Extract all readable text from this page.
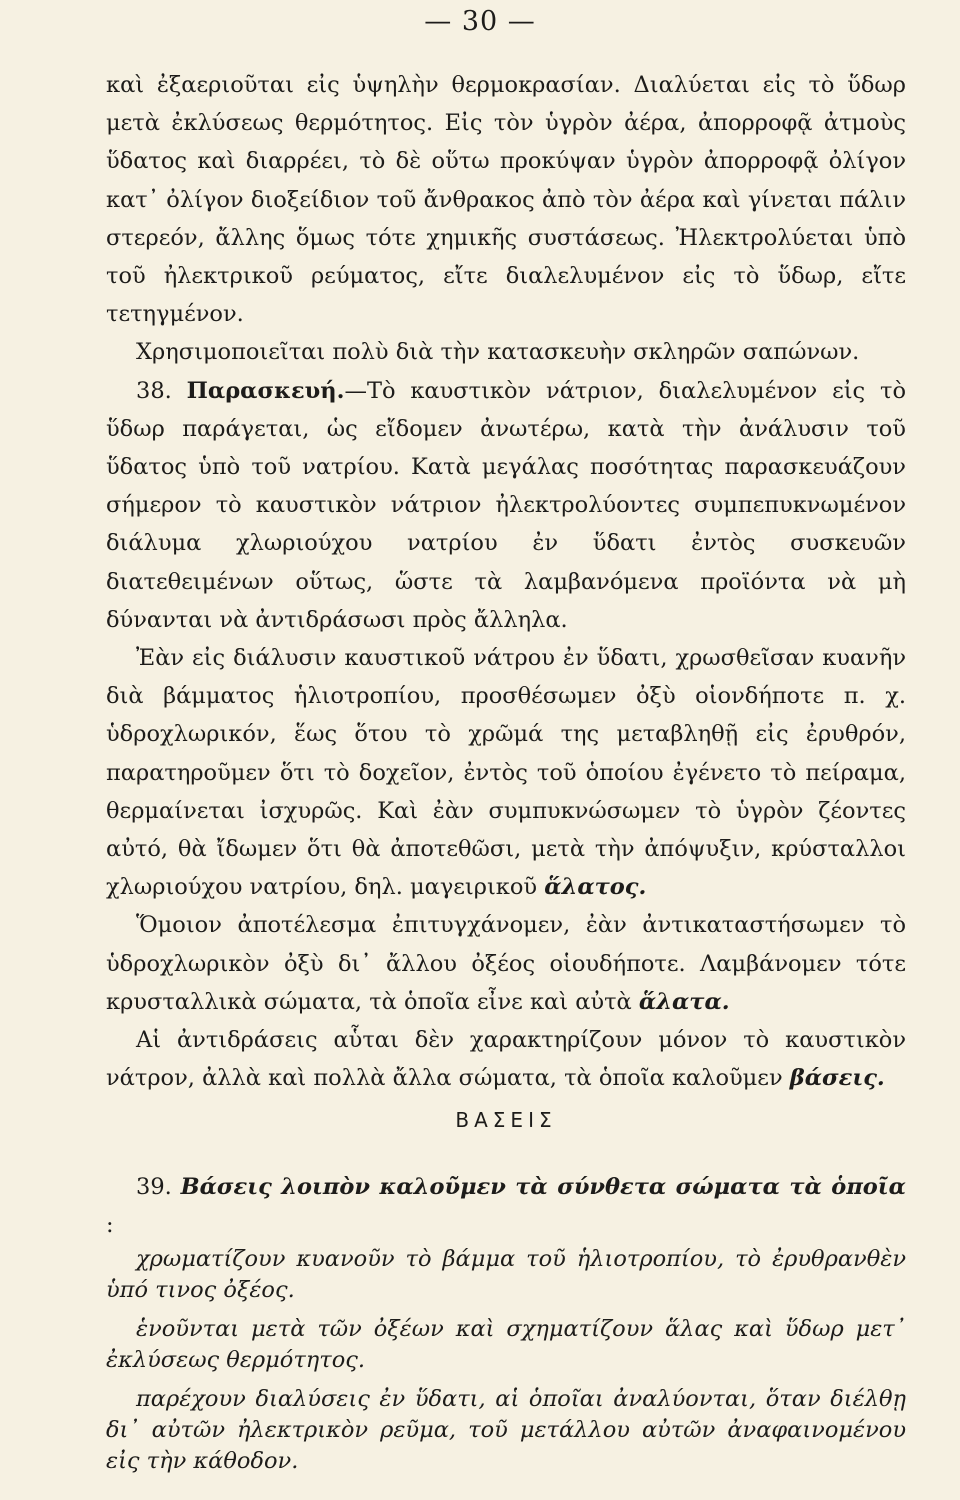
— 30 —

καὶ ἐξαεριοῦται εἰς ὑψηλὴν θερμοκρασίαν. Διαλύεται εἰς τὸ ὕδωρ μετὰ ἐκλύσεως θερμότητος. Εἰς τὸν ὑγρὸν ἀέρα, ἀπορροφᾷ ἀτμοὺς ὕδατος καὶ διαρρέει, τὸ δὲ οὕτω προκύψαν ὑγρὸν ἀπορροφᾷ ὀλίγον κατ᾽ ὀλίγον διοξείδιον τοῦ ἄνθρακος ἀπὸ τὸν ἀέρα καὶ γίνεται πάλιν στερεόν, ἄλλης ὅμως τότε χημικῆς συστάσεως. Ἠλεκτρολύεται ὑπὸ τοῦ ἠλεκτρικοῦ ρεύματος, εἴτε διαλελυμένον εἰς τὸ ὕδωρ, εἴτε τετηγμένον.

Χρησιμοποιεῖται πολὺ διὰ τὴν κατασκευὴν σκληρῶν σαπώνων.

38. Παρασκευή.—Τὸ καυστικὸν νάτριον, διαλελυμένον εἰς τὸ ὕδωρ παράγεται, ὡς εἴδομεν ἀνωτέρω, κατὰ τὴν ἀνάλυσιν τοῦ ὕδατος ὑπὸ τοῦ νατρίου. Κατὰ μεγάλας ποσότητας παρασκευάζουν σήμερον τὸ καυστικὸν νάτριον ἠλεκτρολύοντες συμπεπυκνωμένον διάλυμα χλωριούχου νατρίου ἐν ὕδατι ἐντὸς συσκευῶν διατεθειμένων οὕτως, ὥστε τὰ λαμβανόμενα προϊόντα νὰ μὴ δύνανται νὰ ἀντιδράσωσι πρὸς ἄλληλα.

Ἐὰν εἰς διάλυσιν καυστικοῦ νάτρου ἐν ὕδατι, χρωσθεῖσαν κυανῆν διὰ βάμματος ἡλιοτροπίου, προσθέσωμεν ὀξὺ οἱονδήποτε π. χ. ὑδροχλωρικόν, ἕως ὅτου τὸ χρῶμά της μεταβληθῇ εἰς ἐρυθρόν, παρατηροῦμεν ὅτι τὸ δοχεῖον, ἐντὸς τοῦ ὁποίου ἐγένετο τὸ πείραμα, θερμαίνεται ἰσχυρῶς. Καὶ ἐὰν συμπυκνώσωμεν τὸ ὑγρὸν ζέοντες αὐτό, θὰ ἴδωμεν ὅτι θὰ ἀποτεθῶσι, μετὰ τὴν ἀπόψυξιν, κρύσταλλοι χλωριούχου νατρίου, δηλ. μαγειρικοῦ ἅλατος.

Ὅμοιον ἀποτέλεσμα ἐπιτυγχάνομεν, ἐὰν ἀντικαταστήσωμεν τὸ ὑδροχλωρικὸν ὀξὺ δι᾽ ἄλλου ὀξέος οἱουδήποτε. Λαμβάνομεν τότε κρυσταλλικὰ σώματα, τὰ ὁποῖα εἶνε καὶ αὐτὰ ἅλατα.

Αἱ ἀντιδράσεις αὗται δὲν χαρακτηρίζουν μόνον τὸ καυστικὸν νάτρον, ἀλλὰ καὶ πολλὰ ἄλλα σώματα, τὰ ὁποῖα καλοῦμεν βάσεις.

ΒΑΣΕΙΣ

39. Βάσεις λοιπὸν καλοῦμεν τὰ σύνθετα σώματα τὰ ὁποῖα :

χρωματίζουν κυανοῦν τὸ βάμμα τοῦ ἡλιοτροπίου, τὸ ἐρυθρανθὲν ὑπό τινος ὀξέος.

ἑνοῦνται μετὰ τῶν ὀξέων καὶ σχηματίζουν ἅλας καὶ ὕδωρ μετ᾽ ἐκλύσεως θερμότητος.

παρέχουν διαλύσεις ἐν ὕδατι, αἱ ὁποῖαι ἀναλύονται, ὅταν διέλθῃ δι᾽ αὐτῶν ἠλεκτρικὸν ρεῦμα, τοῦ μετάλλου αὐτῶν ἀναφαινομένου εἰς τὴν κάθοδον.
